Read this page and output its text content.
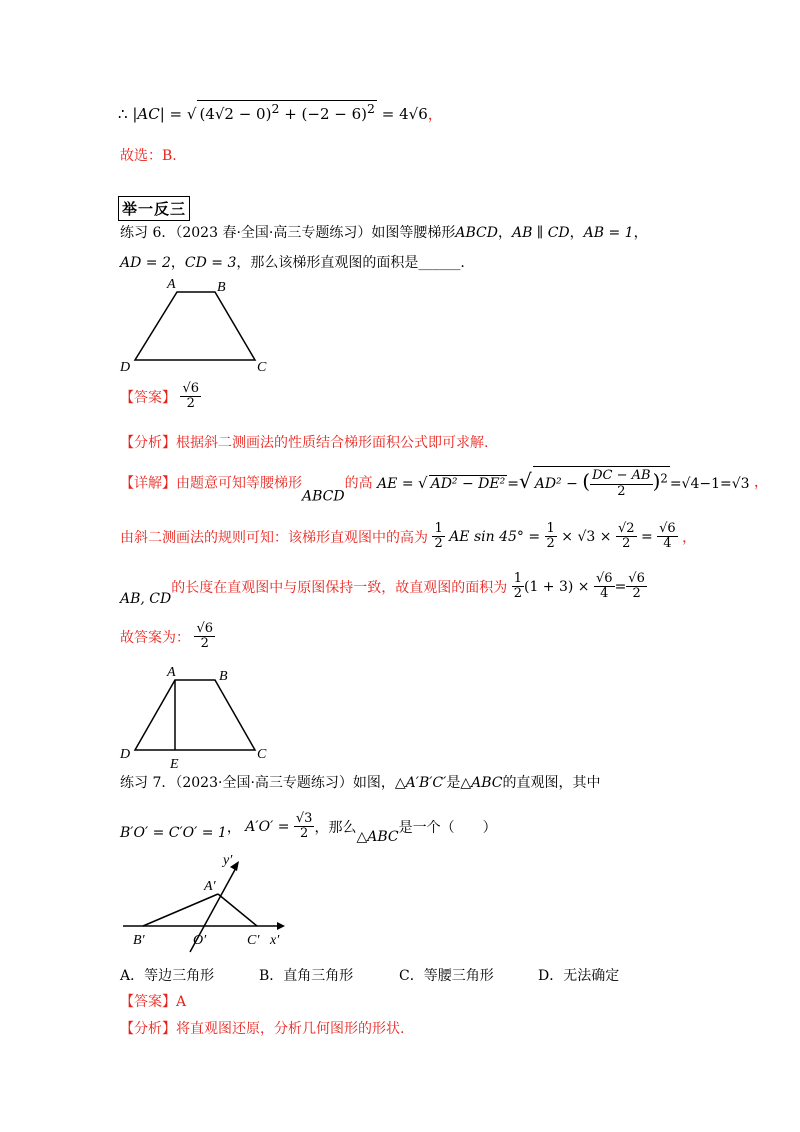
∴ |AC| = √ $(4√2 - 0)^2 + (-2 - 6)^2 = 4√6$，
故选：B.
举一反三
练习 6．（2023 春·全国·高三专题练习）如图等腰梯形ABCD，AB ∥ CD，AB = 1，
AD = 2，CD = 3，那么该梯形直观图的面积是______.
A	B
C
D
【答案】 $\frac{√6}{2}$
【分析】根据斜二测画法的性质结合梯形面积公式即可求解.
【详解】由题意可知等腰梯形ABCD的高 AE = √ AD² − DE² =√ AD² − ( $\frac{DC - AB}{2} )^2 =√4-1=√3$ ，
由斜二测画法的规则可知：该梯形直观图中的高为 $\frac{1}{2}$ AE $\sin 45^\circ = \frac{1}{2} \times √3 \times \frac{√2}{2} = \frac{√6}{4}$ ，
AB, CD的长度在直观图中与原图保持一致，故直观图的面积为 $\frac{1}{2} (1 + 3) \times \frac{√6}{4} = \frac{√6}{2}$
故答案为： $\frac{√6}{2}$
A	B
C
D
E
练习 7．（2023·全国·高三专题练习）如图，△A′B′C′是△ABC的直观图，其中
B′O′ = C′O′ = 1， $A'O' = \frac{√3}{2}$ ，那么△ABC是一个（　　）
y′
A′
B′	O′	C′ x′
A．等边三角形	B．直角三角形	C．等腰三角形	D．无法确定
【答案】A
【分析】将直观图还原，分析几何图形的形状.
